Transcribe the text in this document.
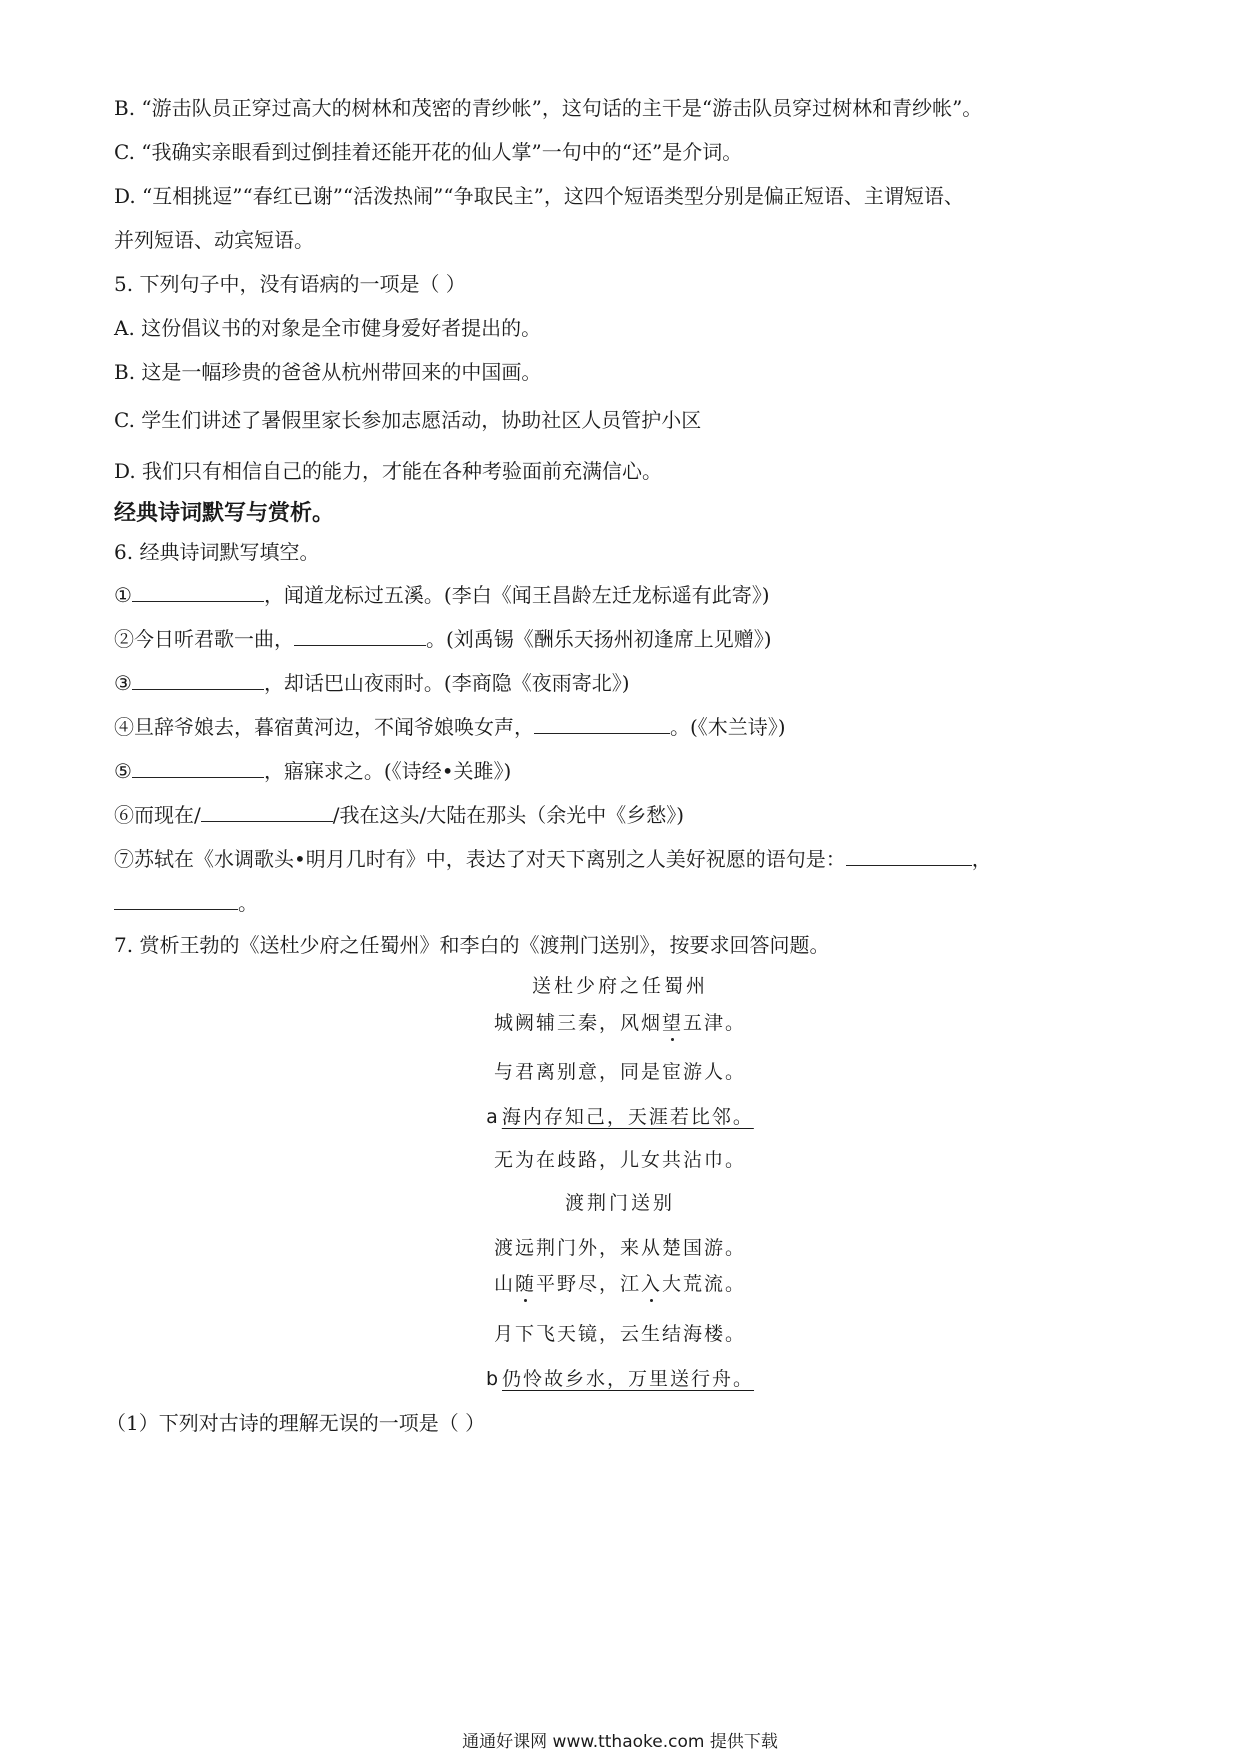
B. “游击队员正穿过高大的树林和茂密的青纱帐”，这句话的主干是“游击队员穿过树林和青纱帐”。
C. “我确实亲眼看到过倒挂着还能开花的仙人掌”一句中的“还”是介词。
D. “互相挑逗”“春红已谢”“活泼热闹”“争取民主”，这四个短语类型分别是偏正短语、主谓短语、
并列短语、动宾短语。
5. 下列句子中，没有语病的一项是（ ）
A. 这份倡议书的对象是全市健身爱好者提出的。
B. 这是一幅珍贵的爸爸从杭州带回来的中国画。
C. 学生们讲述了暑假里家长参加志愿活动，协助社区人员管护小区
D. 我们只有相信自己的能力，才能在各种考验面前充满信心。
经典诗词默写与赏析。
6. 经典诗词默写填空。
①	，闻道龙标过五溪。(李白《闻王昌龄左迁龙标遥有此寄》)
②今日听君歌一曲，	。(刘禹锡《酬乐天扬州初逢席上见赠》)
③	，却话巴山夜雨时。(李商隐《夜雨寄北》)
④旦辞爷娘去，暮宿黄河边，不闻爷娘唤女声，	。(《木兰诗》)
⑤	，寤寐求之。(《诗经•关雎》)
⑥而现在/	/我在这头/大陆在那头（余光中《乡愁》)
⑦苏轼在《水调歌头•明月几时有》中，表达了对天下离别之人美好祝愿的语句是：	，
。
7. 赏析王勃的《送杜少府之任蜀州》和李白的《渡荆门送别》，按要求回答问题。
送杜少府之任蜀州
城阙辅三秦，风烟望五津。
与君离别意，同是宦游人。
a 海内存知己，天涯若比邻。
无为在歧路，儿女共沾巾。
渡荆门送别
渡远荆门外，来从楚国游。
山随平野尽，江入大荒流。
月下飞天镜，云生结海楼。
b 仍怜故乡水，万里送行舟。
（1）下列对古诗的理解无误的一项是（ ）
通通好课网 www.tthaoke.com 提供下载
